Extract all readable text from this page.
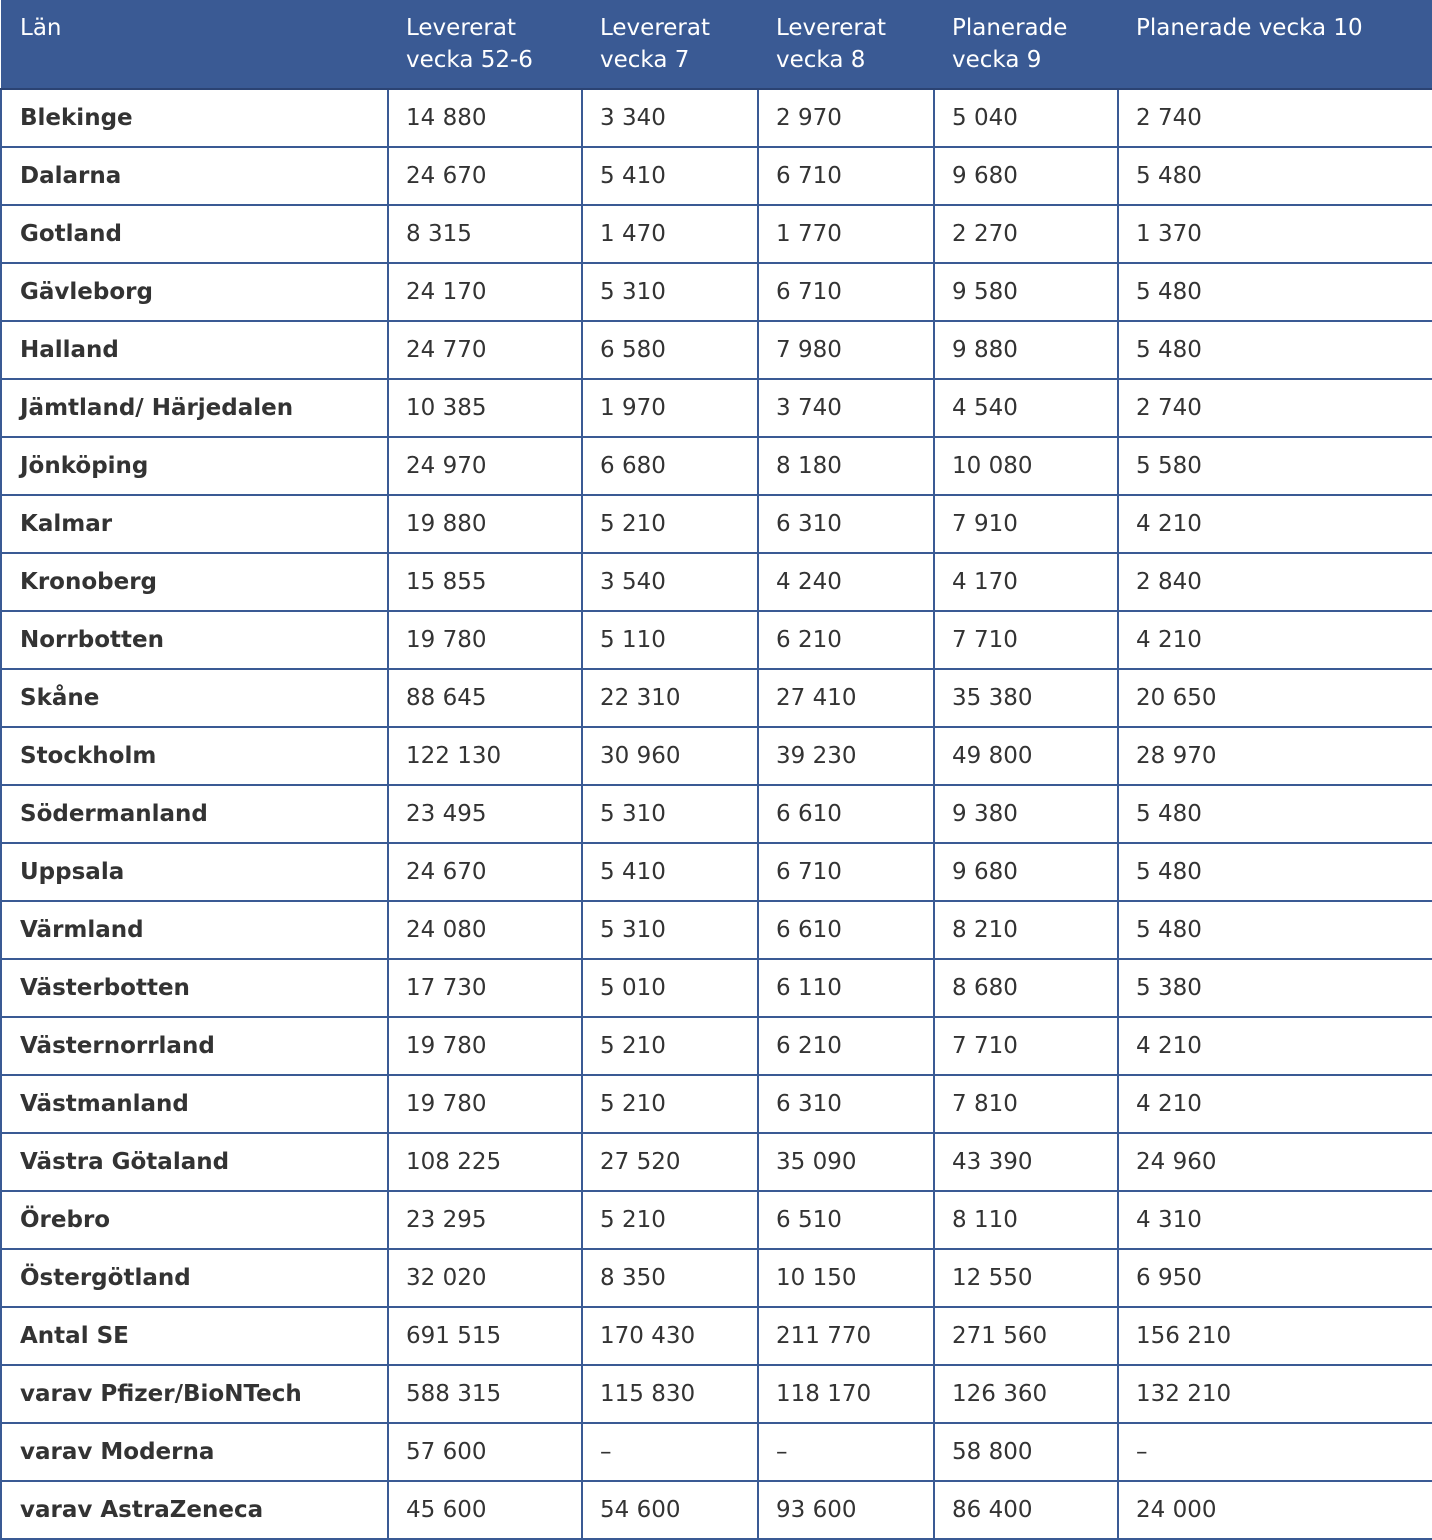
Län	Levererat vecka 52-6	Levererat vecka 7	Levererat vecka 8	Planerade vecka 9	Planerade vecka 10
Blekinge	14 880	3 340	2 970	5 040	2 740
Dalarna	24 670	5 410	6 710	9 680	5 480
Gotland	8 315	1 470	1 770	2 270	1 370
Gävleborg	24 170	5 310	6 710	9 580	5 480
Halland	24 770	6 580	7 980	9 880	5 480
Jämtland/ Härjedalen	10 385	1 970	3 740	4 540	2 740
Jönköping	24 970	6 680	8 180	10 080	5 580
Kalmar	19 880	5 210	6 310	7 910	4 210
Kronoberg	15 855	3 540	4 240	4 170	2 840
Norrbotten	19 780	5 110	6 210	7 710	4 210
Skåne	88 645	22 310	27 410	35 380	20 650
Stockholm	122 130	30 960	39 230	49 800	28 970
Södermanland	23 495	5 310	6 610	9 380	5 480
Uppsala	24 670	5 410	6 710	9 680	5 480
Värmland	24 080	5 310	6 610	8 210	5 480
Västerbotten	17 730	5 010	6 110	8 680	5 380
Västernorrland	19 780	5 210	6 210	7 710	4 210
Västmanland	19 780	5 210	6 310	7 810	4 210
Västra Götaland	108 225	27 520	35 090	43 390	24 960
Örebro	23 295	5 210	6 510	8 110	4 310
Östergötland	32 020	8 350	10 150	12 550	6 950
Antal SE	691 515	170 430	211 770	271 560	156 210
varav Pfizer/BioNTech	588 315	115 830	118 170	126 360	132 210
varav Moderna	57 600	–	–	58 800	–
varav AstraZeneca	45 600	54 600	93 600	86 400	24 000
